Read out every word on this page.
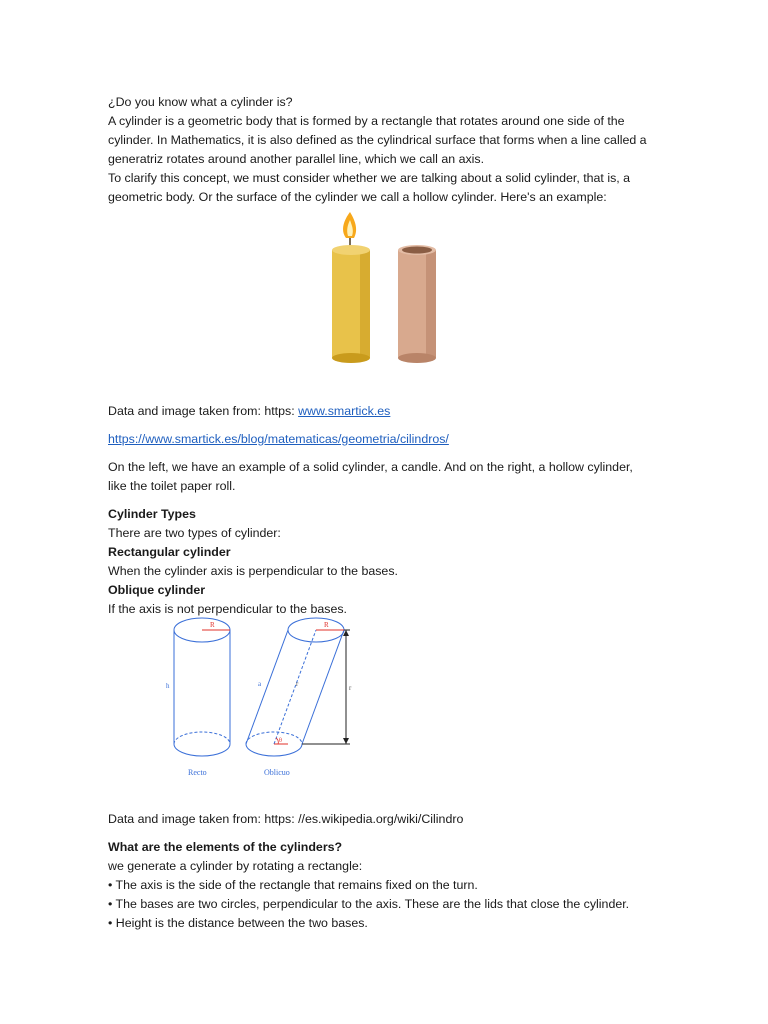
¿Do you know what a cylinder is?

A cylinder is a geometric body that is formed by a rectangle that rotates around one side of the

cylinder. In Mathematics, it is also defined as the cylindrical surface that forms when a line called a

generatriz rotates around another parallel line, which we call an axis.

To clarify this concept, we must consider whether we are talking about a solid cylinder, that is, a

geometric body. Or the surface of the cylinder we call a hollow cylinder. Here's an example:

Data and image taken from: https: www.smartick.es

https://www.smartick.es/blog/matematicas/geometria/cilindros/

On the left, we have an example of a solid cylinder, a candle. And on the right, a hollow cylinder,

like the toilet paper roll.

Cylinder Types

There are two types of cylinder:

Rectangular cylinder

When the cylinder axis is perpendicular to the bases.

Oblique cylinder

If the axis is not perpendicular to the bases.

Data and image taken from: https: //es.wikipedia.org/wiki/Cilindro

What are the elements of the cylinders?

we generate a cylinder by rotating a rectangle:

• The axis is the side of the rectangle that remains fixed on the turn.

• The bases are two circles, perpendicular to the axis. These are the lids that close the cylinder.

• Height is the distance between the two bases.

R
h
R
a	r	r
θ
Recto	Oblicuo
